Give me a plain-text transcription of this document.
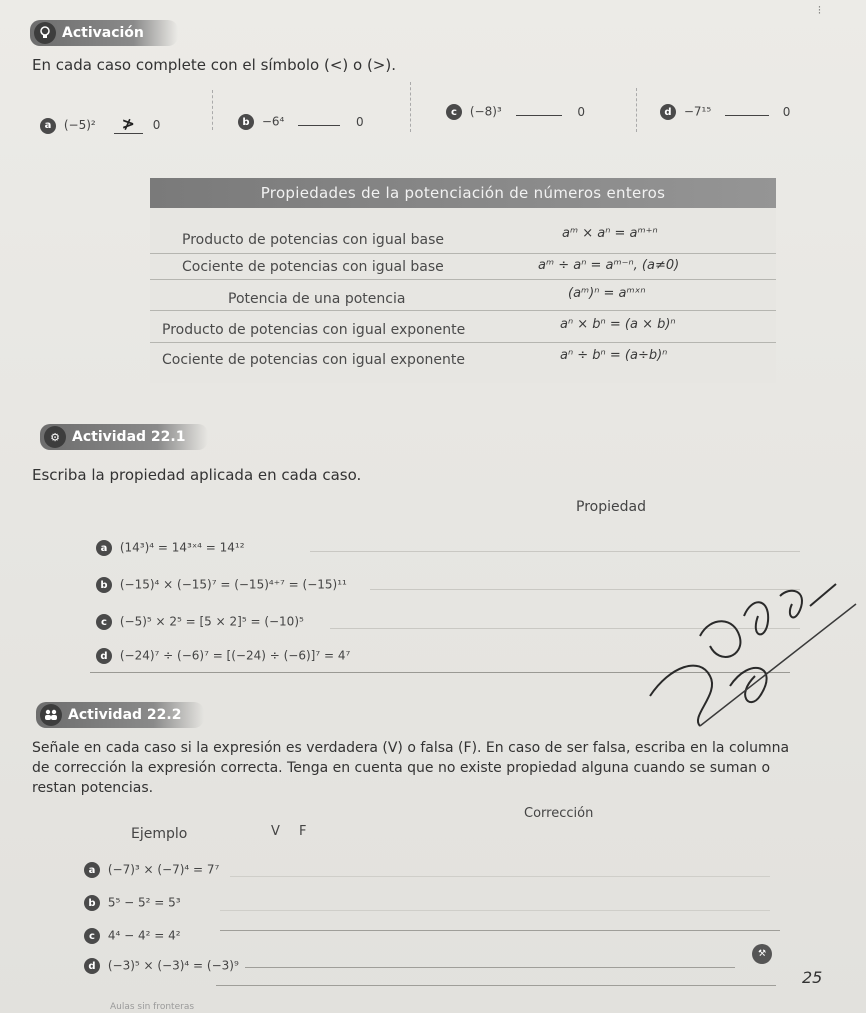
Activación
⫶
En cada caso complete con el símbolo (<) o (>).
a (−5)² ≯ 0	b −6⁴	0
c (−8)³	0	d −7¹⁵	0
Propiedades de la potenciación de números enteros
Producto de potencias con igual base	aᵐ × aⁿ = aᵐ⁺ⁿ
Cociente de potencias con igual base	aᵐ ÷ aⁿ = aᵐ⁻ⁿ, (a≠0)
Potencia de una potencia	(aᵐ)ⁿ = aᵐˣⁿ
Producto de potencias con igual exponente	aⁿ × bⁿ = (a × b)ⁿ
Cociente de potencias con igual exponente	aⁿ ÷ bⁿ = (a÷b)ⁿ
⚙ Actividad 22.1
Escriba la propiedad aplicada en cada caso.
Propiedad
a (14³)⁴ = 14³ˣ⁴ = 14¹²
b (−15)⁴ × (−15)⁷ = (−15)⁴⁺⁷ = (−15)¹¹
c (−5)⁵ × 2⁵ = [5 × 2]⁵ = (−10)⁵
d (−24)⁷ ÷ (−6)⁷ = [(−24) ÷ (−6)]⁷ = 4⁷
Actividad 22.2
Señale en cada caso si la expresión es verdadera (V) o falsa (F). En caso de ser falsa, escriba en la columna de corrección la expresión correcta. Tenga en cuenta que no existe propiedad alguna cuando se suman o restan potencias.
Ejemplo	V F
Corrección
a (−7)³ × (−7)⁴ = 7⁷
b 5⁵ − 5² = 5³
c 4⁴ − 4² = 4²
d (−3)⁵ × (−3)⁴ = (−3)⁹
⚒
Aulas sin fronteras
25
